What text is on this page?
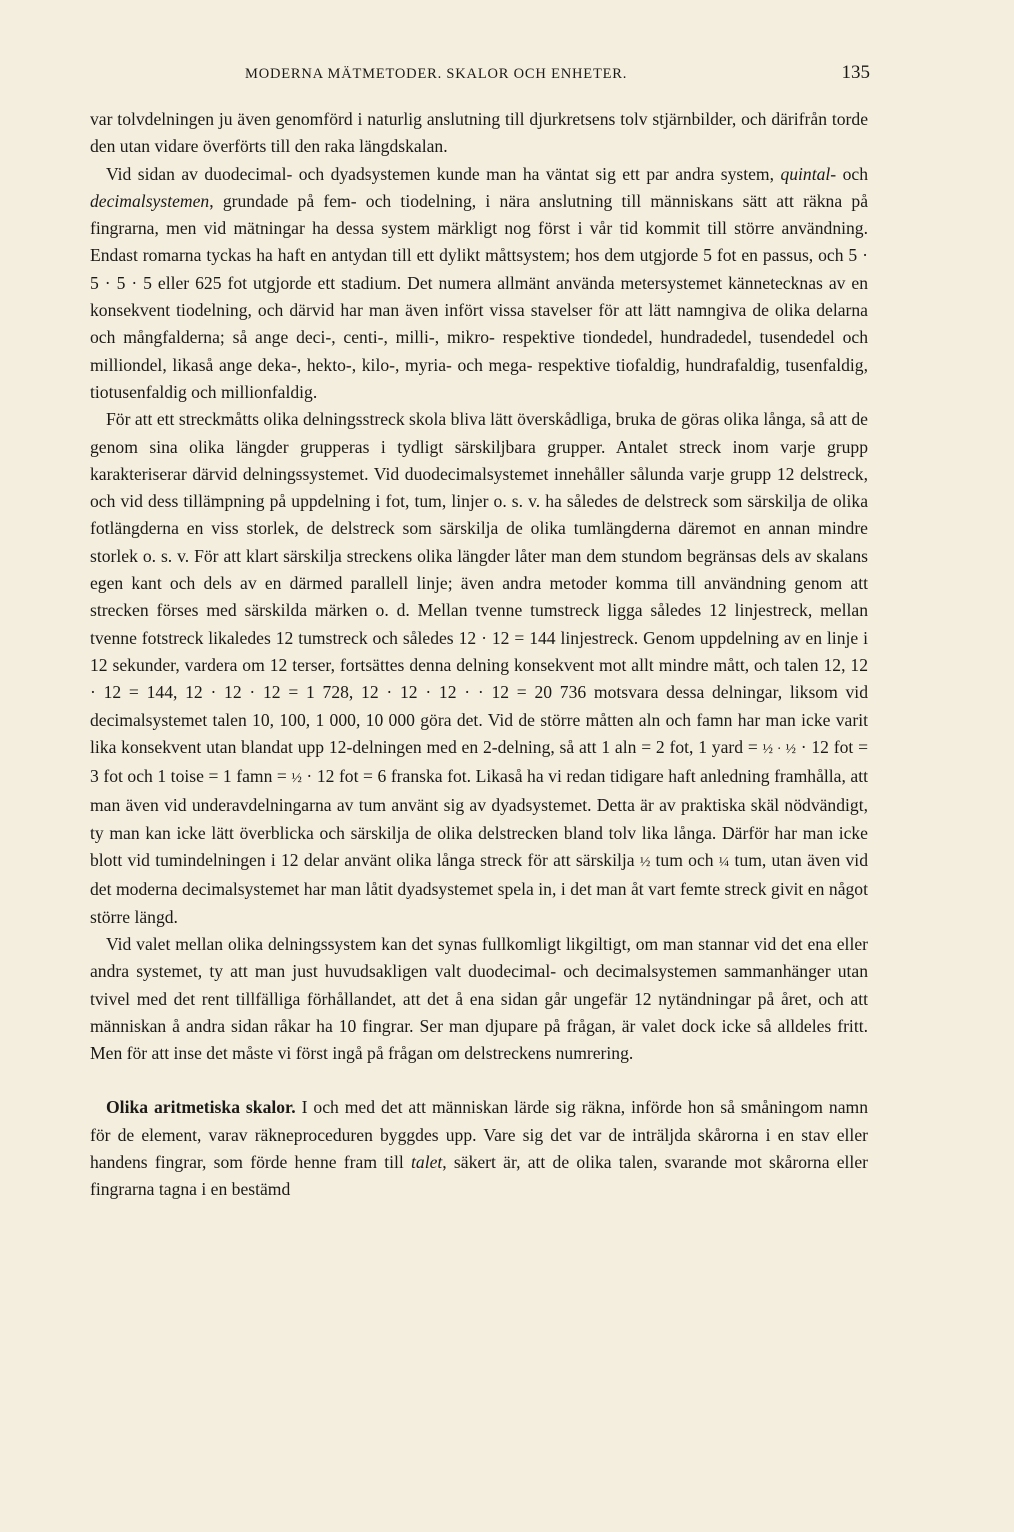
MODERNA MÄTMETODER. SKALOR OCH ENHETER.	135

var tolvdelningen ju även genomförd i naturlig anslutning till djurkretsens tolv stjärnbilder, och därifrån torde den utan vidare överförts till den raka längdskalan.

Vid sidan av duodecimal- och dyadsystemen kunde man ha väntat sig ett par andra system, quintal- och decimalsystemen, grundade på fem- och tiodelning, i nära anslutning till människans sätt att räkna på fingrarna, men vid mätningar ha dessa system märkligt nog först i vår tid kommit till större användning. Endast romarna tyckas ha haft en antydan till ett dylikt måttsystem; hos dem utgjorde 5 fot en passus, och 5 · 5 · 5 · 5 eller 625 fot utgjorde ett stadium. Det numera allmänt använda metersystemet kännetecknas av en konsekvent tiodelning, och därvid har man även infört vissa stavelser för att lätt namngiva de olika delarna och mångfalderna; så ange deci-, centi-, milli-, mikro- respektive tiondedel, hundradedel, tusendedel och milliondel, likaså ange deka-, hekto-, kilo-, myria- och mega- respektive tiofaldig, hundrafaldig, tusenfaldig, tiotusenfaldig och millionfaldig.

För att ett streckmåtts olika delningsstreck skola bliva lätt överskådliga, bruka de göras olika långa, så att de genom sina olika längder grupperas i tydligt särskiljbara grupper. Antalet streck inom varje grupp karakteriserar därvid delningssystemet. Vid duodecimalsystemet innehåller sålunda varje grupp 12 delstreck, och vid dess tillämpning på uppdelning i fot, tum, linjer o. s. v. ha således de delstreck som särskilja de olika fotlängderna en viss storlek, de delstreck som särskilja de olika tumlängderna däremot en annan mindre storlek o. s. v. För att klart särskilja streckens olika längder låter man dem stundom begränsas dels av skalans egen kant och dels av en därmed parallell linje; även andra metoder komma till användning genom att strecken förses med särskilda märken o. d. Mellan tvenne tumstreck ligga således 12 linjestreck, mellan tvenne fotstreck likaledes 12 tumstreck och således 12 · 12 = 144 linjestreck. Genom uppdelning av en linje i 12 sekunder, vardera om 12 terser, fortsättes denna delning konsekvent mot allt mindre mått, och talen 12, 12 · 12 = 144, 12 · 12 · 12 = 1 728, 12 · 12 · 12 · · 12 = 20 736 motsvara dessa delningar, liksom vid decimalsystemet talen 10, 100, 1 000, 10 000 göra det. Vid de större måtten aln och famn har man icke varit lika konsekvent utan blandat upp 12-delningen med en 2-delning, så att 1 aln = 2 fot, 1 yard = ½ · ½ · 12 fot = 3 fot och 1 toise = 1 famn = ½ · 12 fot = 6 franska fot. Likaså ha vi redan tidigare haft anledning framhålla, att man även vid underavdelningarna av tum använt sig av dyadsystemet. Detta är av praktiska skäl nödvändigt, ty man kan icke lätt överblicka och särskilja de olika delstrecken bland tolv lika långa. Därför har man icke blott vid tumindelningen i 12 delar använt olika långa streck för att särskilja ½ tum och ¼ tum, utan även vid det moderna decimalsystemet har man låtit dyadsystemet spela in, i det man åt vart femte streck givit en något större längd.

Vid valet mellan olika delningssystem kan det synas fullkomligt likgiltigt, om man stannar vid det ena eller andra systemet, ty att man just huvudsakligen valt duodecimal- och decimalsystemen sammanhänger utan tvivel med det rent tillfälliga förhållandet, att det å ena sidan går ungefär 12 nytändningar på året, och att människan å andra sidan råkar ha 10 fingrar. Ser man djupare på frågan, är valet dock icke så alldeles fritt. Men för att inse det måste vi först ingå på frågan om delstreckens numrering.

Olika aritmetiska skalor. I och med det att människan lärde sig räkna, införde hon så småningom namn för de element, varav räkneproceduren byggdes upp. Vare sig det var de inträljda skårorna i en stav eller handens fingrar, som förde henne fram till talet, säkert är, att de olika talen, svarande mot skårorna eller fingrarna tagna i en bestämd
